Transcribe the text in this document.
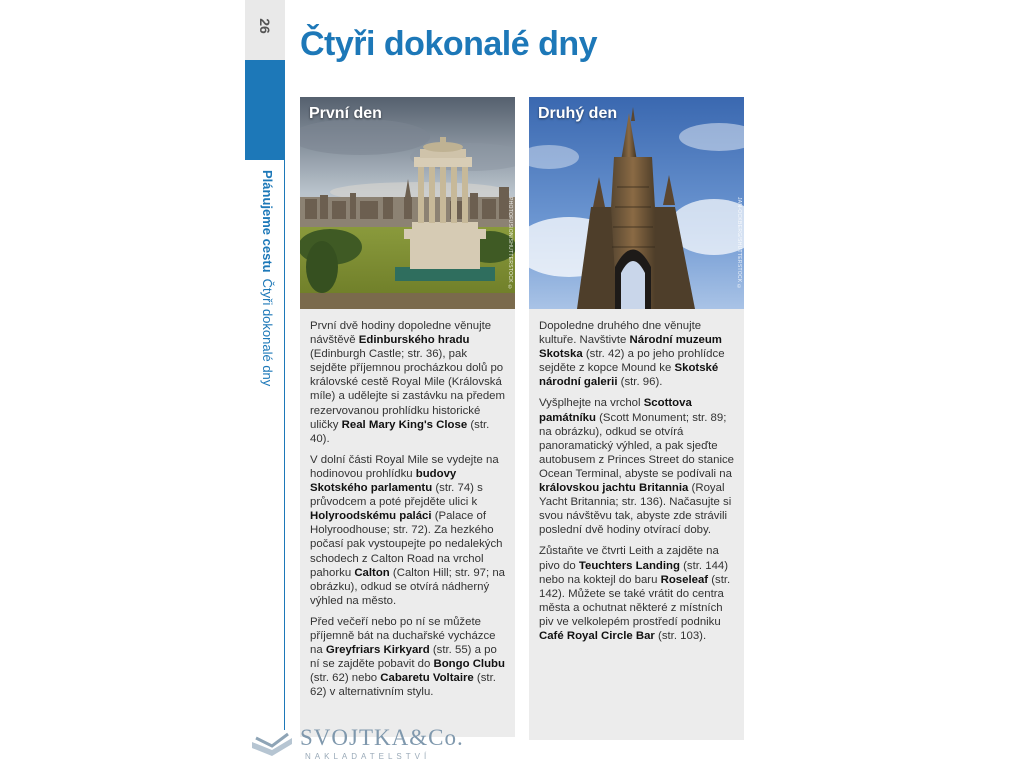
26
Plánujeme cestuČtyři dokonalé dny
Čtyři dokonalé dny
První den
PHOTOFUSION/SHUTTERSTOCK ©

První dvě hodiny dopoledne věnujte návštěvě Edinburského hradu (Edinburgh Castle; str. 36), pak sejděte příjemnou procházkou dolů po královské cestě Royal Mile (Královská míle) a udělejte si zastávku na předem rezervovanou prohlídku historické uličky Real Mary King's Close (str. 40).

V dolní části Royal Mile se vydejte na hodinovou prohlídku budovy Skotského parlamentu (str. 74) s průvodcem a poté přejděte ulici k Holyroodskému paláci (Palace of Holyroodhouse; str. 72). Za hezkého počasí pak vystoupejte po nedalekých schodech z Calton Road na vrchol pahorku Calton (Calton Hill; str. 97; na obrázku), odkud se otvírá nádherný výhled na město.

Před večeří nebo po ní se můžete příjemně bát na duchařské vycházce na Greyfriars Kirkyard (str. 55) a po ní se zajděte pobavit do Bongo Clubu (str. 62) nebo Cabaretu Voltaire (str. 62) v alternativním stylu.

Druhý den
JAN-OCKBERG/SHUTTERSTOCK ©

Dopoledne druhého dne věnujte kultuře. Navštivte Národní muzeum Skotska (str. 42) a po jeho prohlídce sejděte z kopce Mound ke Skotské národní galerii (str. 96).

Vyšplhejte na vrchol Scottova památníku (Scott Monument; str. 89; na obrázku), odkud se otvírá panoramatický výhled, a pak sjeďte autobusem z Princes Street do stanice Ocean Terminal, abyste se podívali na královskou jachtu Britannia (Royal Yacht Britannia; str. 136). Načasujte si svou návštěvu tak, abyste zde strávili poslední dvě hodiny otvírací doby.

Zůstaňte ve čtvrti Leith a zajděte na pivo do Teuchters Landing (str. 144) nebo na koktejl do baru Roseleaf (str. 142). Můžete se také vrátit do centra města a ochutnat některé z místních piv ve velkolepém prostředí podniku Café Royal Circle Bar (str. 103).

SVOJTKA&Co.
NAKLADATELSTVÍ
